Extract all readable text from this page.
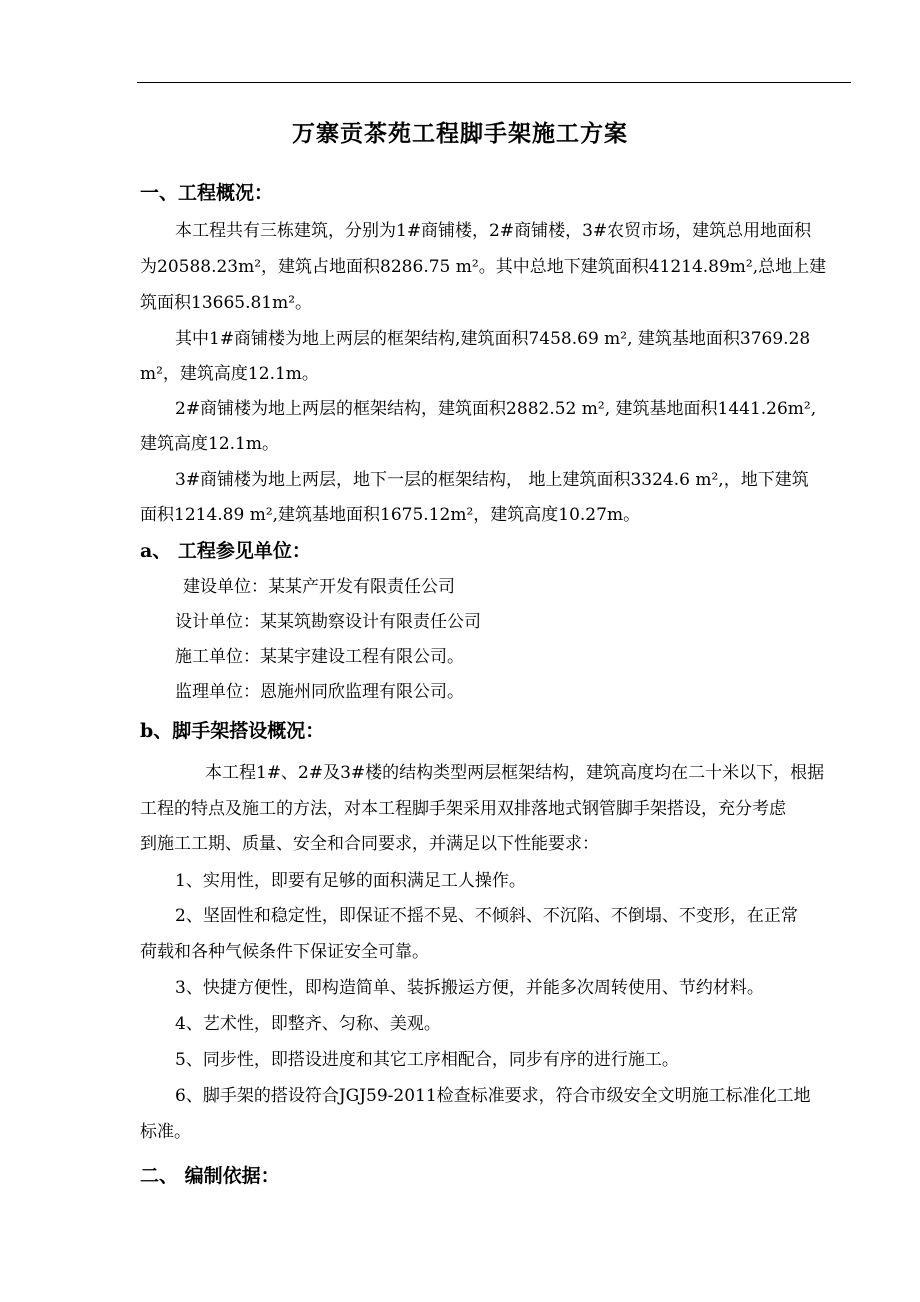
万寨贡茶苑工程脚手架施工方案
一、工程概况：
本工程共有三栋建筑，分别为1#商铺楼，2#商铺楼，3#农贸市场，建筑总用地面积
为20588.23m²，建筑占地面积8286.75 m²。其中总地下建筑面积41214.89m²,总地上建
筑面积13665.81m²。
其中1#商铺楼为地上两层的框架结构,建筑面积7458.69 m², 建筑基地面积3769.28
m²，建筑高度12.1m。
2#商铺楼为地上两层的框架结构，建筑面积2882.52 m², 建筑基地面积1441.26m²,
建筑高度12.1m。
3#商铺楼为地上两层，地下一层的框架结构， 地上建筑面积3324.6 m²,，地下建筑
面积1214.89 m²,建筑基地面积1675.12m²，建筑高度10.27m。
a、 工程参见单位：
建设单位：某某产开发有限责任公司
设计单位：某某筑勘察设计有限责任公司
施工单位：某某宇建设工程有限公司。
监理单位：恩施州同欣监理有限公司。
b、脚手架搭设概况：
本工程1#、2#及3#楼的结构类型两层框架结构，建筑高度均在二十米以下，根据
工程的特点及施工的方法，对本工程脚手架采用双排落地式钢管脚手架搭设，充分考虑
到施工工期、质量、安全和合同要求，并满足以下性能要求：
1、实用性，即要有足够的面积满足工人操作。
2、坚固性和稳定性，即保证不摇不晃、不倾斜、不沉陷、不倒塌、不变形，在正常
荷载和各种气候条件下保证安全可靠。
3、快捷方便性，即构造简单、装拆搬运方便，并能多次周转使用、节约材料。
4、艺术性，即整齐、匀称、美观。
5、同步性，即搭设进度和其它工序相配合，同步有序的进行施工。
6、脚手架的搭设符合JGJ59-2011检查标准要求，符合市级安全文明施工标准化工地
标准。
二、 编制依据：
